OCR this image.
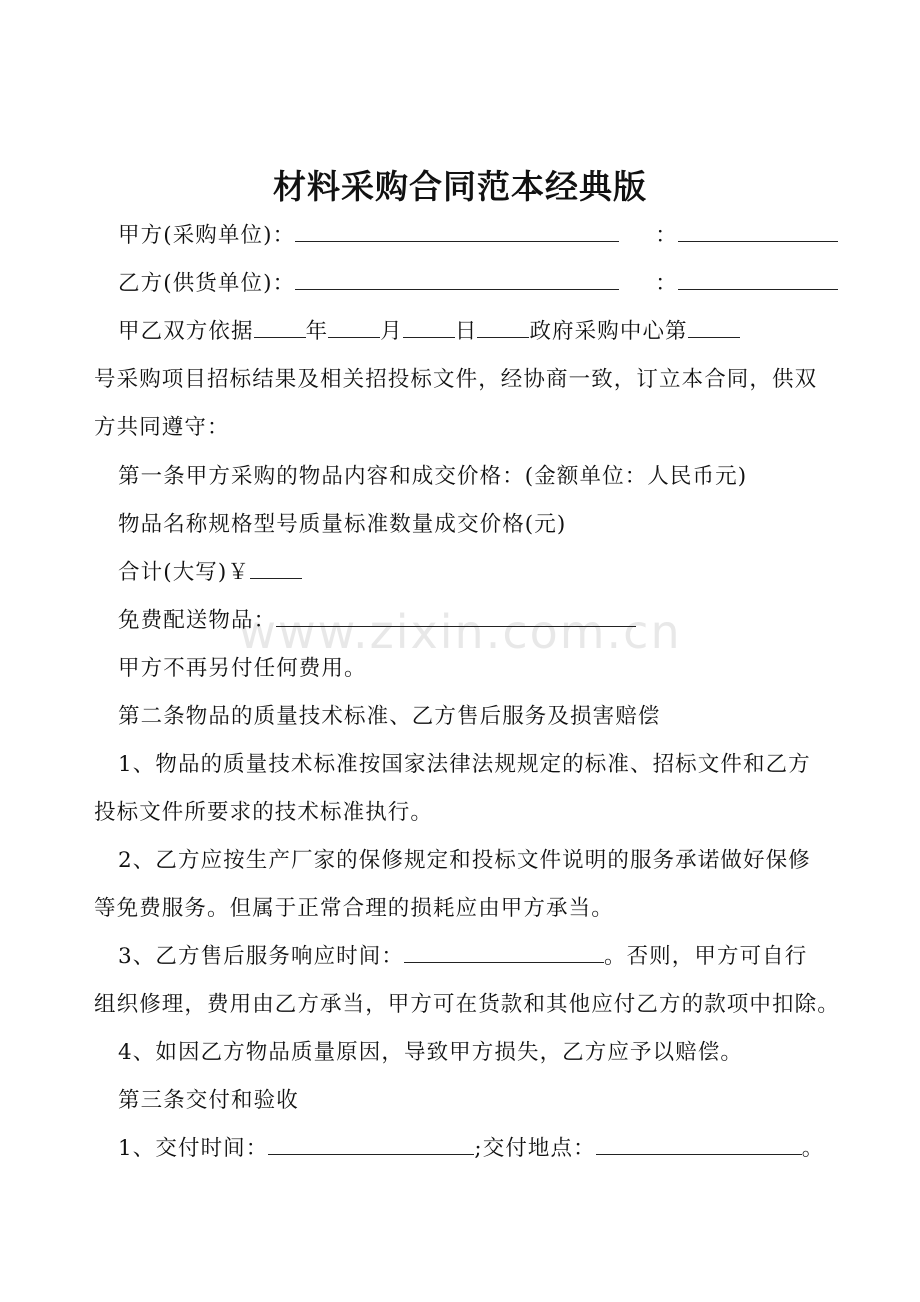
www.zixin.com.cn
材料采购合同范本经典版
甲方(采购单位)：	：
乙方(供货单位)：	：
甲乙双方依据 年 月 日 政府采购中心第
号采购项目招标结果及相关招投标文件，经协商一致，订立本合同，供双
方共同遵守：
第一条甲方采购的物品内容和成交价格：(金额单位：人民币元)
物品名称规格型号质量标准数量成交价格(元)
合计(大写)￥
免费配送物品：
甲方不再另付任何费用。
第二条物品的质量技术标准、乙方售后服务及损害赔偿
1、物品的质量技术标准按国家法律法规规定的标准、招标文件和乙方
投标文件所要求的技术标准执行。
2、乙方应按生产厂家的保修规定和投标文件说明的服务承诺做好保修
等免费服务。但属于正常合理的损耗应由甲方承当。
3、乙方售后服务响应时间：	。否则，甲方可自行
组织修理，费用由乙方承当，甲方可在货款和其他应付乙方的款项中扣除。
4、如因乙方物品质量原因，导致甲方损失，乙方应予以赔偿。
第三条交付和验收
1、交付时间：	;交付地点：	。
